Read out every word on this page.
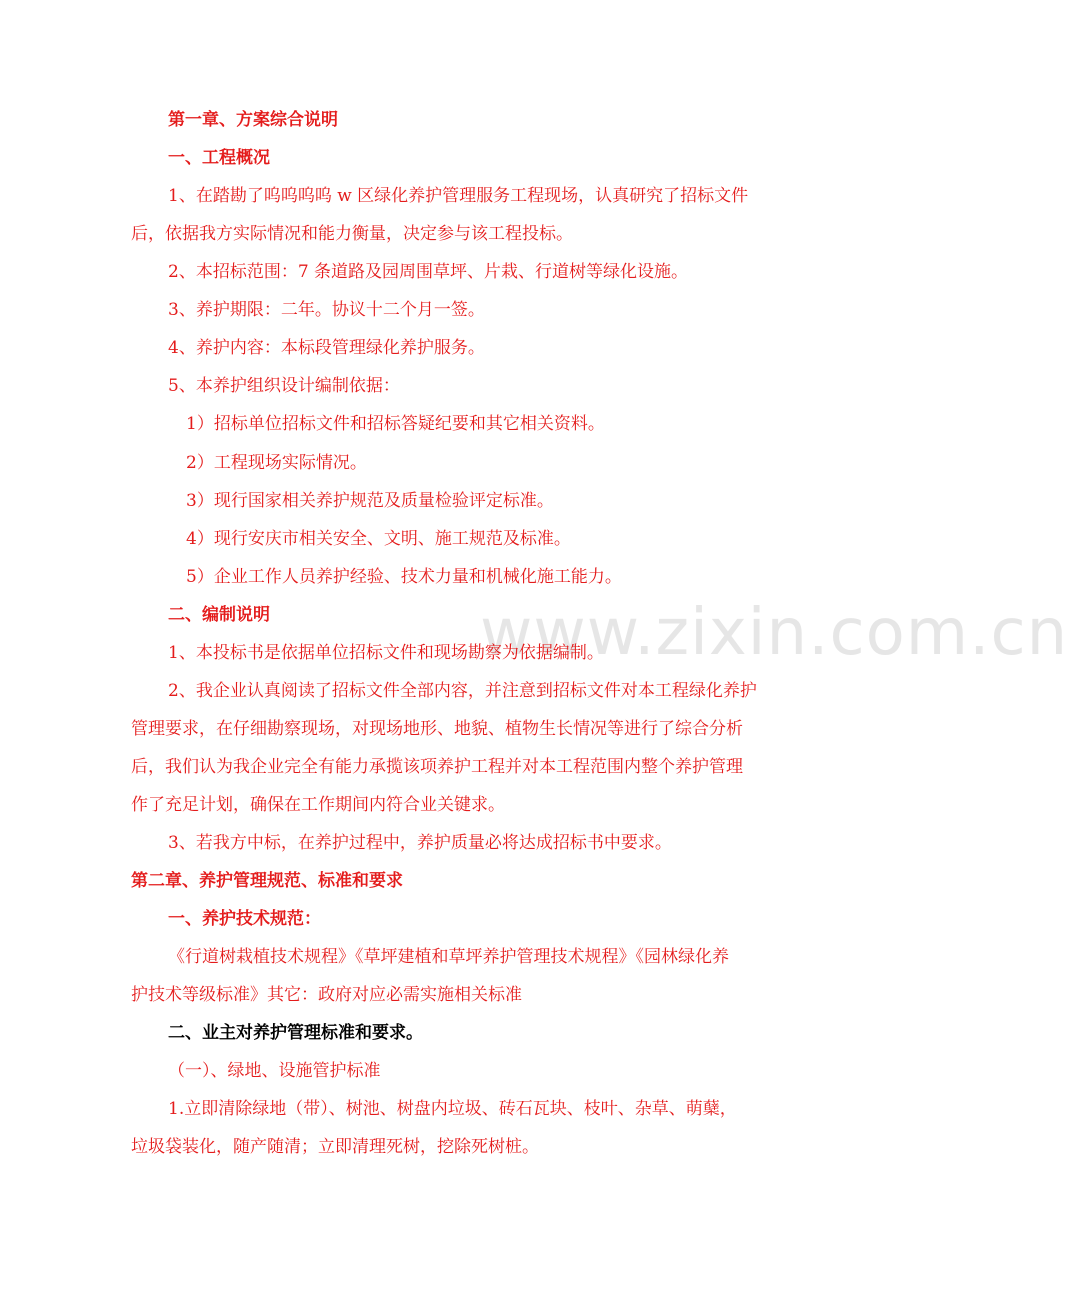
www.zixin.com.cn
第一章、方案综合说明
一、工程概况
1、在踏勘了呜呜呜呜 w 区绿化养护管理服务工程现场，认真研究了招标文件
后，依据我方实际情况和能力衡量，决定参与该工程投标。
2、本招标范围：7 条道路及园周围草坪、片栽、行道树等绿化设施。
3、养护期限：二年。协议十二个月一签。
4、养护内容：本标段管理绿化养护服务。
5、本养护组织设计编制依据：
1）招标单位招标文件和招标答疑纪要和其它相关资料。
2）工程现场实际情况。
3）现行国家相关养护规范及质量检验评定标准。
4）现行安庆市相关安全、文明、施工规范及标准。
5）企业工作人员养护经验、技术力量和机械化施工能力。
二、编制说明
1、本投标书是依据单位招标文件和现场勘察为依据编制。
2、我企业认真阅读了招标文件全部内容，并注意到招标文件对本工程绿化养护
管理要求，在仔细勘察现场，对现场地形、地貌、植物生长情况等进行了综合分析
后，我们认为我企业完全有能力承揽该项养护工程并对本工程范围内整个养护管理
作了充足计划，确保在工作期间内符合业关键求。
3、若我方中标，在养护过程中，养护质量必将达成招标书中要求。
第二章、养护管理规范、标准和要求
一、养护技术规范：
《行道树栽植技术规程》《草坪建植和草坪养护管理技术规程》《园林绿化养
护技术等级标准》其它：政府对应必需实施相关标准
二、业主对养护管理标准和要求。
（一）、绿地、设施管护标准
1.立即清除绿地（带）、树池、树盘内垃圾、砖石瓦块、枝叶、杂草、萌蘖，
垃圾袋装化，随产随清；立即清理死树，挖除死树桩。
